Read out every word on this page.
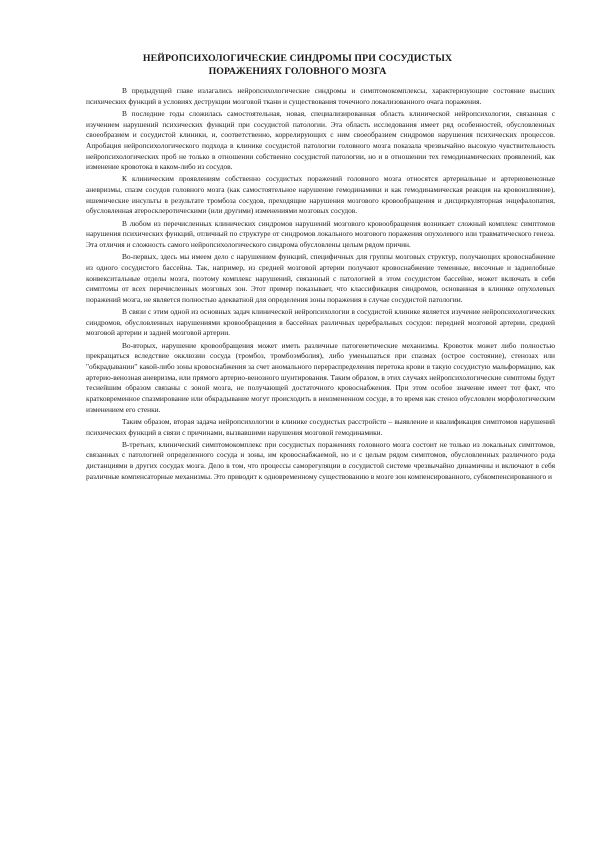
НЕЙРОПСИХОЛОГИЧЕСКИЕ СИНДРОМЫ ПРИ СОСУДИСТЫХ
ПОРАЖЕНИЯХ ГОЛОВНОГО МОЗГА

В предыдущей главе излагались нейропсихологические синдромы и симптомокомплексы, характеризующие состояние высших психических функций в условиях деструкции мозговой ткани и существования точечного локализованного очага поражения.

В последние годы сложилась самостоятельная, новая, специализированная область клинической нейропсихологии, связанная с изучением нарушений психических функций при сосудистой патологии. Эта область исследования имеет ряд особенностей, обусловленных своеобразием и сосудистой клиники, и, соответственно, коррелирующих с ним своеобразием синдромов нарушения психических процессов. Апробация нейропсихологического подхода в клинике сосудистой патологии головного мозга показала чрезвычайно высокую чувствительность нейропсихологических проб не только в отношении собственно сосудистой патологии, но и в отношении тех гемодинамических проявлений, как изменение кровотока в каком-либо из сосудов.

К клиническим проявлениям собственно сосудистых поражений головного мозга относятся артериальные и артериовенозные аневризмы, спазм сосудов головного мозга (как самостоятельное нарушение гемодинамики и как гемодинамическая реакция на кровоизлияние), ишемические инсульты в результате тромбоза сосудов, преходящие нарушения мозгового кровообращения и дисциркуляторная энцефалопатия, обусловленная атеросклеротическими (или другими) изменениями мозговых сосудов.

В любом из перечисленных клинических синдромов нарушений мозгового кровообращения возникает сложный комплекс симптомов нарушения психических функций, отличный по структуре от синдромов локального мозгового поражения опухолевого или травматического генеза. Эта отличия и сложность самого нейропсихологического синдрома обусловлены целым рядом причин.

Во-первых, здесь мы имеем дело с нарушением функций, специфичных для группы мозговых структур, получающих кровоснабжение из одного сосудистого бассейна. Так, например, из средней мозговой артерии получают кровоснабжение теменные, височные и заднелобные конвекситальные отделы мозга, поэтому комплекс нарушений, связанный с патологией в этом сосудистом бассейне, может включать в себя симптомы от всех перечисленных мозговых зон. Этот пример показывает, что классификация синдромов, основанная в клинике опухолевых поражений мозга, не является полностью адекватной для определения зоны поражения в случае сосудистой патологии.

В связи с этим одной из основных задач клинической нейропсихологии в сосудистой клинике является изучение нейропсихологических синдромов, обусловленных нарушениями кровообращения в бассейнах различных церебральных сосудов: передней мозговой артерии, средней мозговой артерии и задней мозговой артерии.

Во-вторых, нарушение кровообращения может иметь различные патогенетические механизмы. Кровоток может либо полностью прекращаться вследствие окклюзии сосуда (тромбоз, тромбоэмболия), либо уменьшаться при спазмах (острое состояние), стенозах или "обкрадывании" какой-либо зоны кровоснабжения за счет аномального перераспределения перетока крови в такую сосудистую мальформацию, как артерио-венозная аневризма, или прямого артерио-венозного шунтирования. Таким образом, в этих случаях нейропсихологические симптомы будут теснейшим образом связаны с зоной мозга, не получающей достаточного кровоснабжения. При этом особое значение имеет тот факт, что кратковременное спазмирование или обкрадывание могут происходить в неизмененном сосуде, в то время как стеноз обусловлен морфологическим изменением его стенки.

Таким образом, вторая задача нейропсихологии в клинике сосудистых расстройств – выявление и квалификация симптомов нарушений психических функций в связи с причинами, вызвавшими нарушения мозговой гемодинамики.

В-третьих, клинический симптомокомплекс при сосудистых поражениях головного мозга состоит не только из локальных симптомов, связанных с патологией определенного сосуда и зоны, им кровоснабжаемой, но и с целым рядом симптомов, обусловленных различного рода дистанциями в других сосудах мозга. Дело в том, что процессы саморегуляции в сосудистой системе чрезвычайно динамичны и включают в себя различные компенсаторные механизмы. Это приводит к одновременному существованию в мозге зон компенсированного, субкомпенсированного и
